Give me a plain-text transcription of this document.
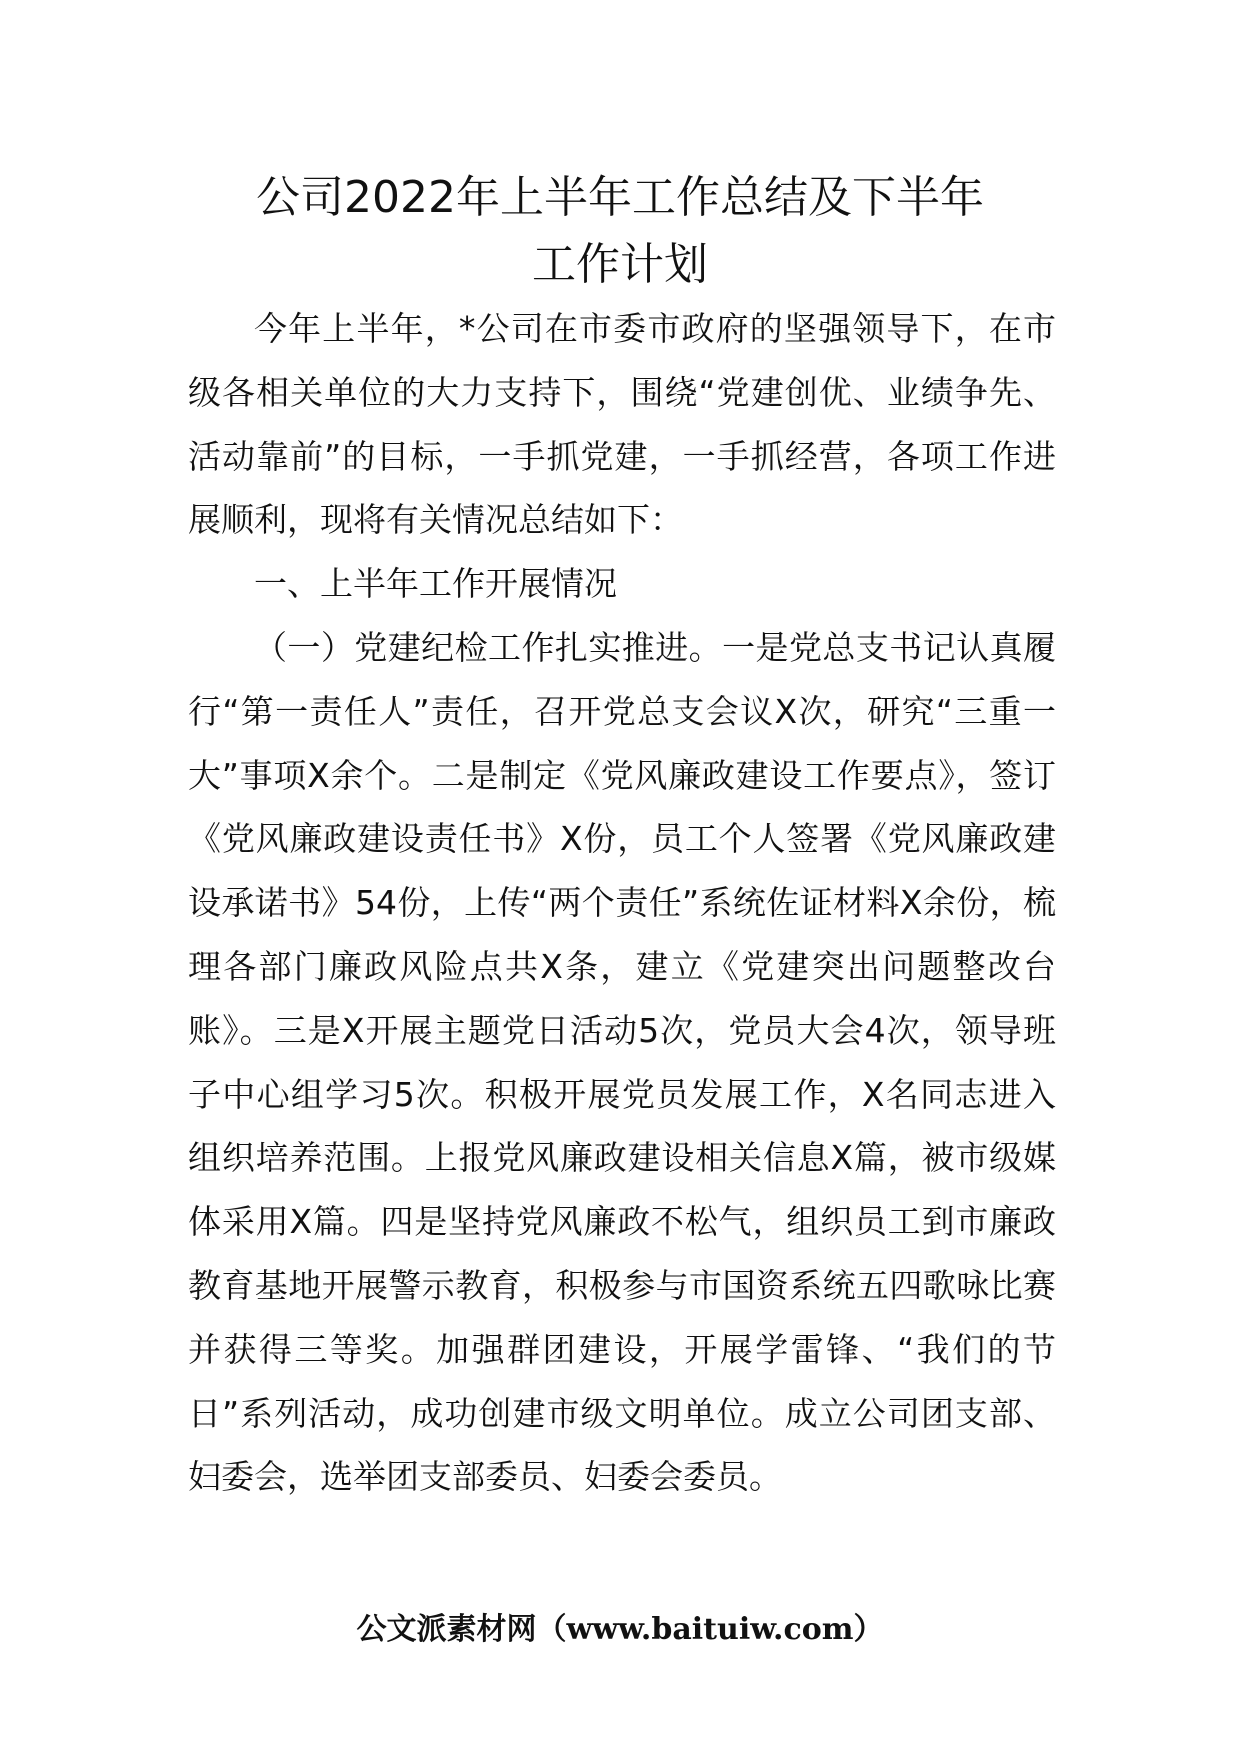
公司2022年上半年工作总结及下半年
工作计划

今年上半年，*公司在市委市政府的坚强领导下，在市级各相关单位的大力支持下，围绕“党建创优、业绩争先、活动靠前”的目标，一手抓党建，一手抓经营，各项工作进展顺利，现将有关情况总结如下：

一、上半年工作开展情况

（一）党建纪检工作扎实推进。一是党总支书记认真履行“第一责任人”责任，召开党总支会议X次，研究“三重一大”事项X余个。二是制定《党风廉政建设工作要点》，签订《党风廉政建设责任书》X份，员工个人签署《党风廉政建设承诺书》54份，上传“两个责任”系统佐证材料X余份，梳理各部门廉政风险点共X条，建立《党建突出问题整改台账》。三是X开展主题党日活动5次，党员大会4次，领导班子中心组学习5次。积极开展党员发展工作，X名同志进入组织培养范围。上报党风廉政建设相关信息X篇，被市级媒体采用X篇。四是坚持党风廉政不松气，组织员工到市廉政教育基地开展警示教育，积极参与市国资系统五四歌咏比赛并获得三等奖。加强群团建设，开展学雷锋、“我们的节日”系列活动，成功创建市级文明单位。成立公司团支部、妇委会，选举团支部委员、妇委会委员。

公文派素材网（www.baituiw.com）
